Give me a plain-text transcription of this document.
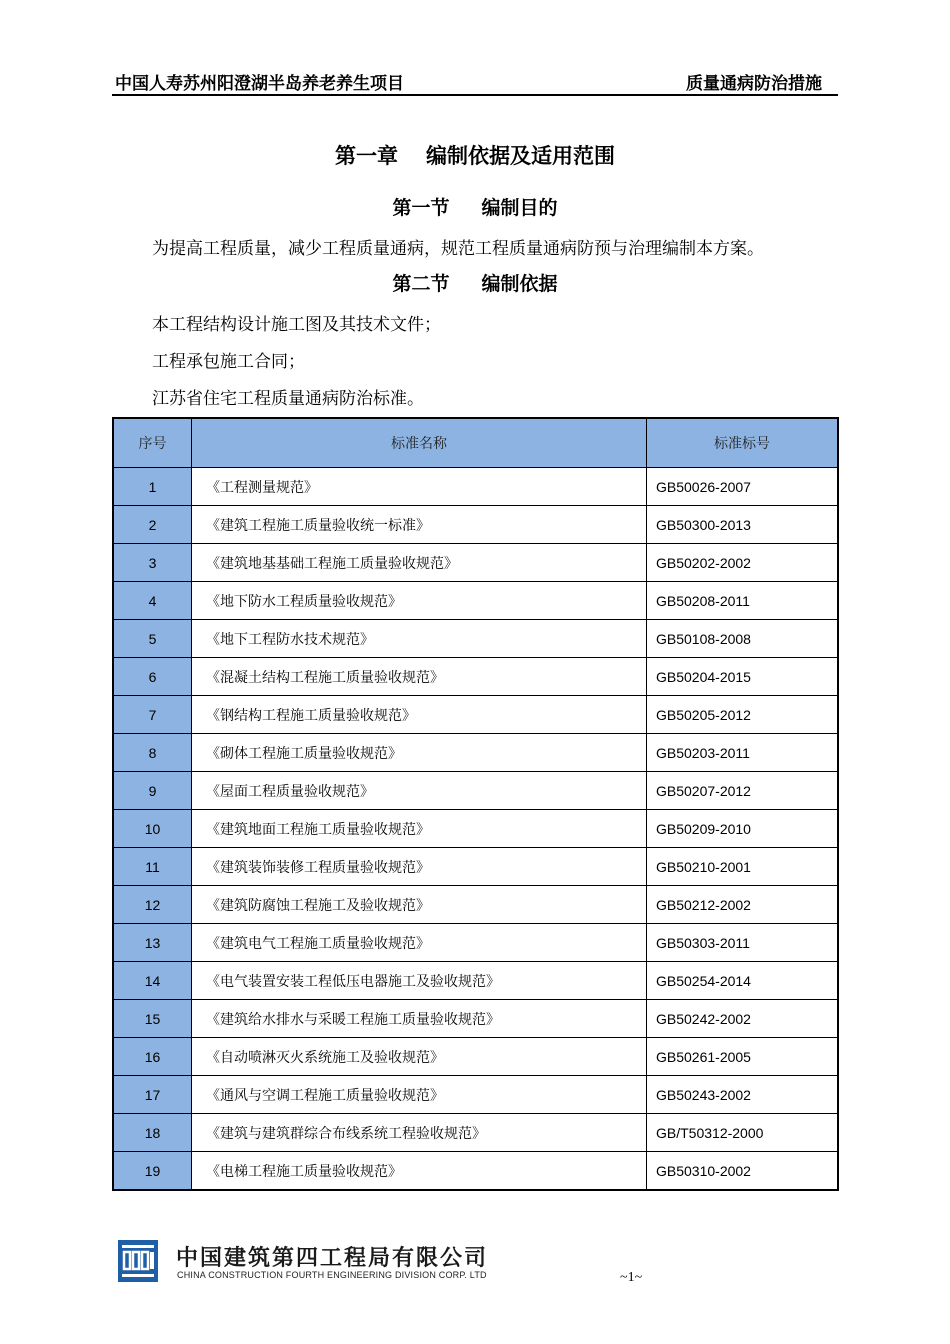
中国人寿苏州阳澄湖半岛养老养生项目	质量通病防治措施
第一章 编制依据及适用范围
第一节 编制目的
为提高工程质量，减少工程质量通病，规范工程质量通病防预与治理编制本方案。
第二节 编制依据
本工程结构设计施工图及其技术文件；
工程承包施工合同；
江苏省住宅工程质量通病防治标准。
序号	标准名称	标准标号
1	《工程测量规范》	GB50026-2007
2	《建筑工程施工质量验收统一标准》	GB50300-2013
3	《建筑地基基础工程施工质量验收规范》	GB50202-2002
4	《地下防水工程质量验收规范》	GB50208-2011
5	《地下工程防水技术规范》	GB50108-2008
6	《混凝土结构工程施工质量验收规范》	GB50204-2015
7	《钢结构工程施工质量验收规范》	GB50205-2012
8	《砌体工程施工质量验收规范》	GB50203-2011
9	《屋面工程质量验收规范》	GB50207-2012
10	《建筑地面工程施工质量验收规范》	GB50209-2010
11	《建筑装饰装修工程质量验收规范》	GB50210-2001
12	《建筑防腐蚀工程施工及验收规范》	GB50212-2002
13	《建筑电气工程施工质量验收规范》	GB50303-2011
14	《电气装置安装工程低压电器施工及验收规范》	GB50254-2014
15	《建筑给水排水与采暖工程施工质量验收规范》	GB50242-2002
16	《自动喷淋灭火系统施工及验收规范》	GB50261-2005
17	《通风与空调工程施工质量验收规范》	GB50243-2002
18	《建筑与建筑群综合布线系统工程验收规范》	GB/T50312-2000
19	《电梯工程施工质量验收规范》	GB50310-2002
中国建筑第四工程局有限公司
CHINA CONSTRUCTION FOURTH ENGINEERING DIVISION CORP. LTD	~1~
